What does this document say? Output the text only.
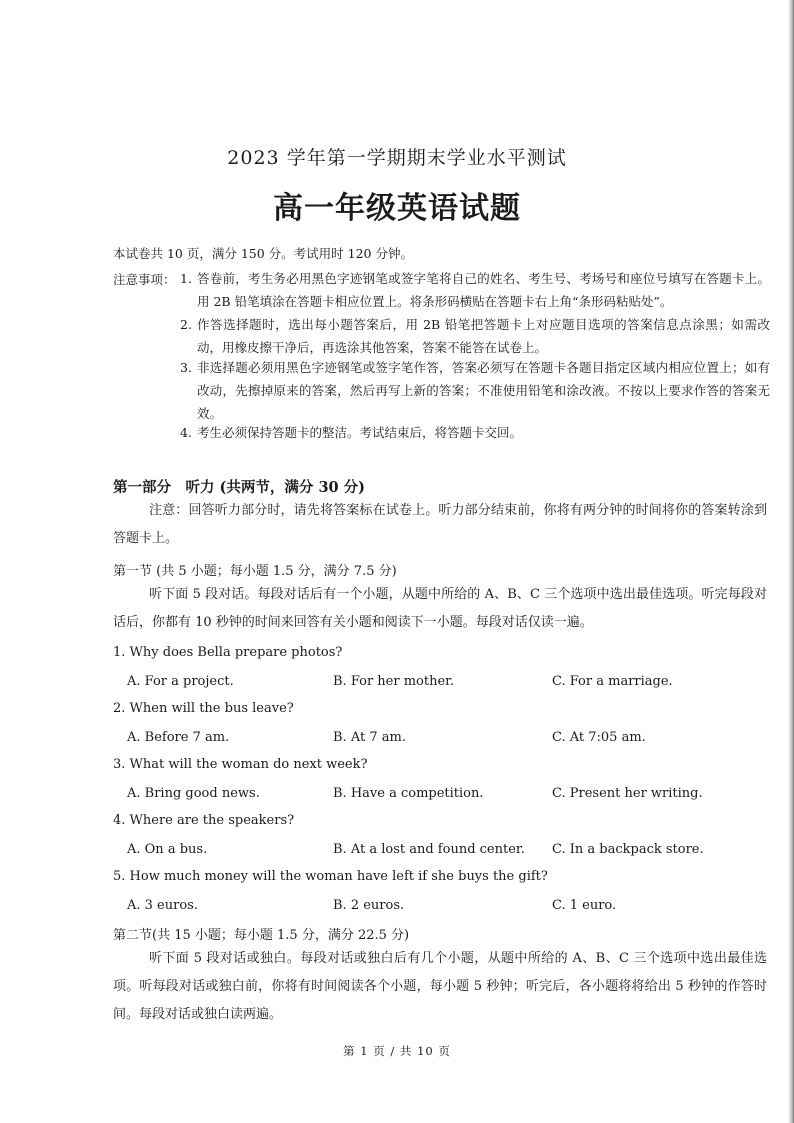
2023 学年第一学期期末学业水平测试
高一年级英语试题
本试卷共 10 页，满分 150 分。考试用时 120 分钟。
注意事项： 1. 答卷前，考生务必用黑色字迹钢笔或签字笔将自己的姓名、考生号、考场号和座位号填写在答题卡上。用 2B 铅笔填涂在答题卡相应位置上。将条形码横贴在答题卡右上角“条形码粘贴处”。
2. 作答选择题时，选出每小题答案后，用 2B 铅笔把答题卡上对应题目选项的答案信息点涂黑；如需改动，用橡皮擦干净后，再选涂其他答案，答案不能答在试卷上。
3. 非选择题必须用黑色字迹钢笔或签字笔作答，答案必须写在答题卡各题目指定区域内相应位置上；如有改动，先擦掉原来的答案，然后再写上新的答案；不准使用铅笔和涂改液。不按以上要求作答的答案无效。
4. 考生必须保持答题卡的整洁。考试结束后，将答题卡交回。
第一部分　听力 (共两节，满分 30 分)
注意：回答听力部分时，请先将答案标在试卷上。听力部分结束前，你将有两分钟的时间将你的答案转涂到答题卡上。
第一节 (共 5 小题；每小题 1.5 分，满分 7.5 分)
听下面 5 段对话。每段对话后有一个小题，从题中所给的 A、B、C 三个选项中选出最佳选项。听完每段对话后，你都有 10 秒钟的时间来回答有关小题和阅读下一小题。每段对话仅读一遍。
1. Why does Bella prepare photos?
A. For a project.	B. For her mother.	C. For a marriage.
2. When will the bus leave?
A. Before 7 am.	B. At 7 am.	C. At 7:05 am.
3. What will the woman do next week?
A. Bring good news.	B. Have a competition.	C. Present her writing.
4. Where are the speakers?
A. On a bus.	B. At a lost and found center. C. In a backpack store.
5. How much money will the woman have left if she buys the gift?
A. 3 euros.	B. 2 euros.	C. 1 euro.
第二节(共 15 小题；每小题 1.5 分，满分 22.5 分)
听下面 5 段对话或独白。每段对话或独白后有几个小题，从题中所给的 A、B、C 三个选项中选出最佳选项。听每段对话或独白前，你将有时间阅读各个小题，每小题 5 秒钟；听完后，各小题将将给出 5 秒钟的作答时间。每段对话或独白读两遍。
第 1 页 / 共 10 页
